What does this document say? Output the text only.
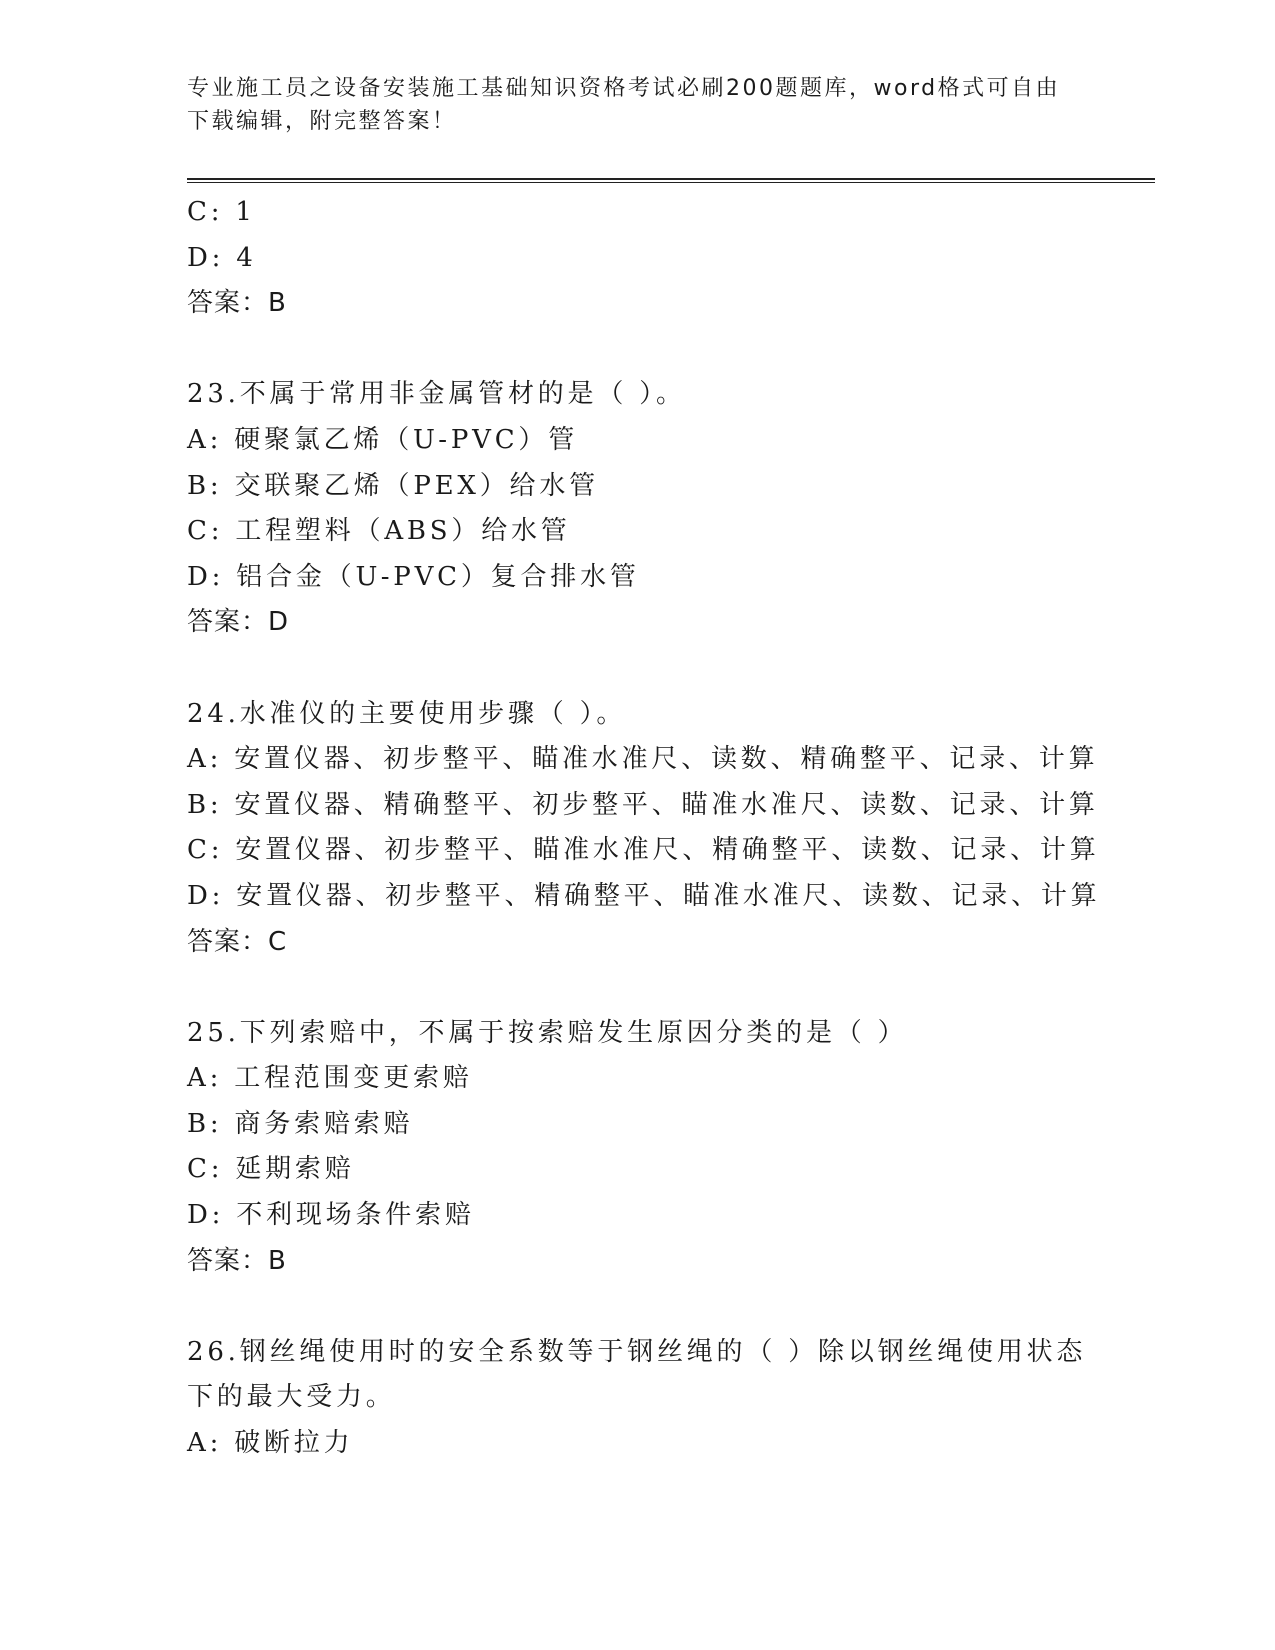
专业施工员之设备安装施工基础知识资格考试必刷200题题库，word格式可自由下载编辑，附完整答案！
C: 1
D: 4
答案：B
23.不属于常用非金属管材的是（ ）。
A: 硬聚氯乙烯（U-PVC）管
B: 交联聚乙烯（PEX）给水管
C: 工程塑料（ABS）给水管
D: 铝合金（U-PVC）复合排水管
答案：D
24.水准仪的主要使用步骤（ ）。
A: 安置仪器、初步整平、瞄准水准尺、读数、精确整平、记录、计算
B: 安置仪器、精确整平、初步整平、瞄准水准尺、读数、记录、计算
C: 安置仪器、初步整平、瞄准水准尺、精确整平、读数、记录、计算
D: 安置仪器、初步整平、精确整平、瞄准水准尺、读数、记录、计算
答案：C
25.下列索赔中，不属于按索赔发生原因分类的是（ ）
A: 工程范围变更索赔
B: 商务索赔索赔
C: 延期索赔
D: 不利现场条件索赔
答案：B
26.钢丝绳使用时的安全系数等于钢丝绳的（ ）除以钢丝绳使用状态
下的最大受力。
A: 破断拉力
